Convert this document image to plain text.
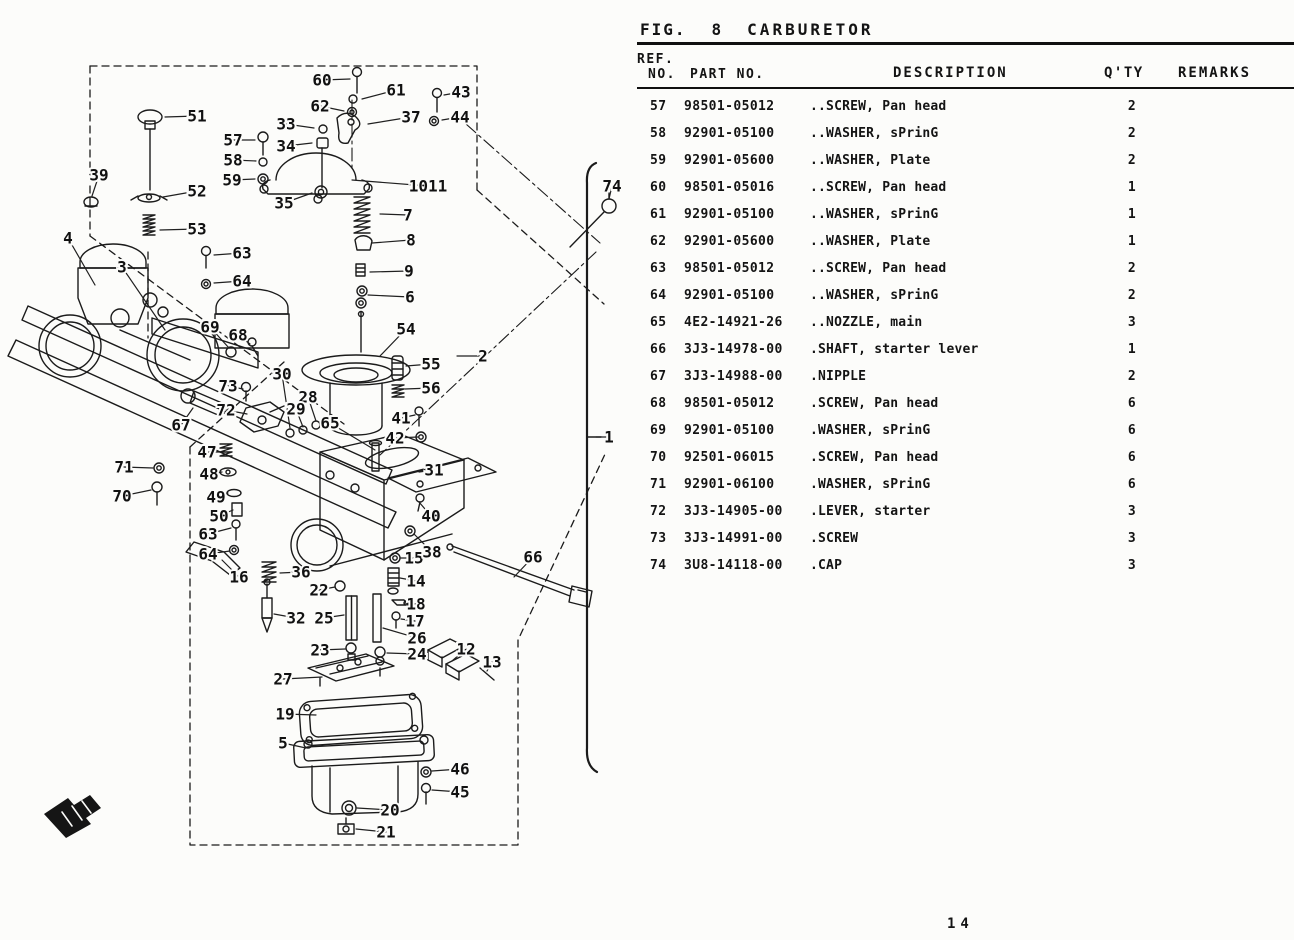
FIG. 8 CARBURETOR
REF.
NO. PART NO.	DESCRIPTION	Q'TY REMARKS
57	98501-05012	..SCREW, Pan head	2
58	92901-05100	..WASHER, sPrinG	2
59	92901-05600	..WASHER, Plate	2
60	98501-05016	..SCREW, Pan head	1
61	92901-05100	..WASHER, sPrinG	1
62	92901-05600	..WASHER, Plate	1
63	98501-05012	..SCREW, Pan head	2
64	92901-05100	..WASHER, sPrinG	2
65	4E2-14921-26 ..NOZZLE, main	3
66	3J3-14978-00 .SHAFT, starter lever	1
67	3J3-14988-00 .NIPPLE	2
68	98501-05012	.SCREW, Pan head	6
69	92901-05100	.WASHER, sPrinG	6
70	92501-06015	.SCREW, Pan head	6
71	92901-06100	.WASHER, sPrinG	6
72	3J3-14905-00 .LEVER, starter	3
73	3J3-14991-00 .SCREW	3
74	3U8-14118-00 .CAP	3
14
60
61
62
43
44
37
33
34
35
57
58
59
51
52
53
39
4
3
63
64
1011	74
7
8
9
6
54
2
55
56
41
42
30
28
29
65
69 68
73
72
67
47
48
49
50
63
64
71
70
16	36
22
32 25
23
27
15
38
14
18
17
26
24 12
13
66
19
5
46
45
20
21
31
40
1
